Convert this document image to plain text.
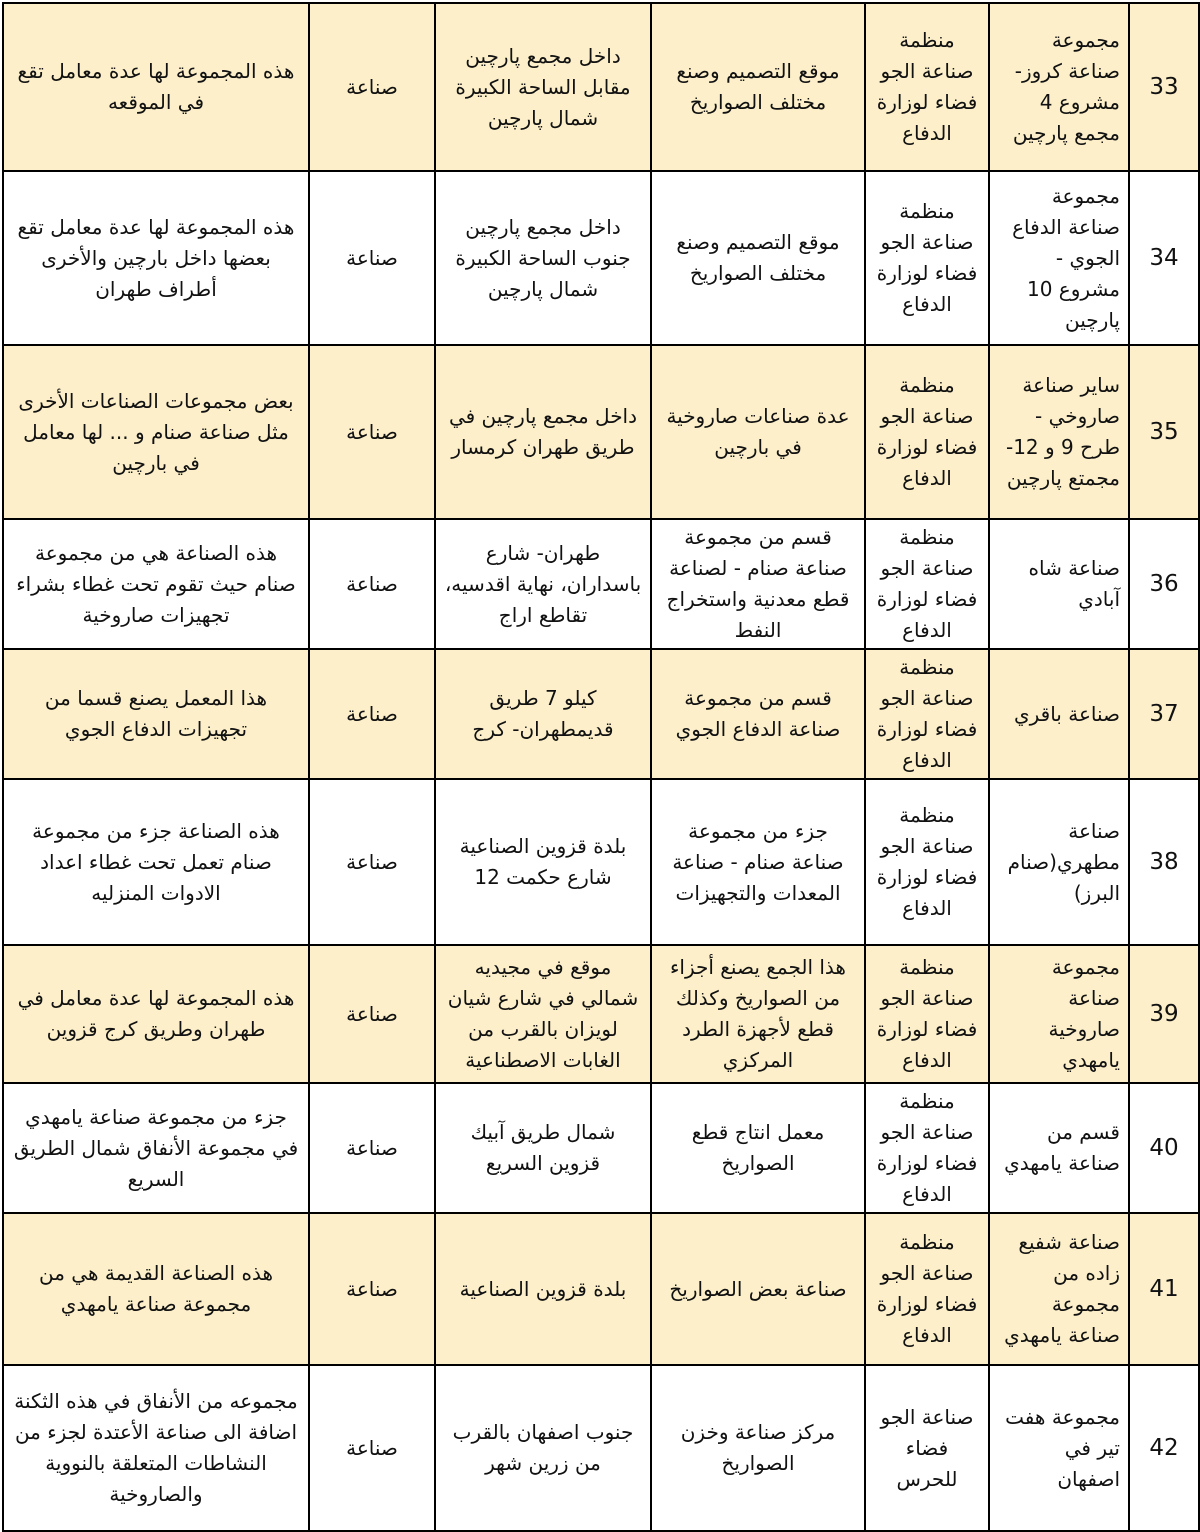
33	مجموعة صناعة كروز- مشروع 4 مجمع پارچين	منظمة صناعة الجو فضاء لوزارة الدفاع	موقع التصميم وصنع مختلف الصواريخ	داخل مجمع پارچين مقابل الساحة الكبيرة شمال پارچين	صناعة	هذه المجموعة لها عدة معامل تقع في الموقعه
34	مجموعة صناعة الدفاع الجوي - مشروع 10 پارچين	منظمة صناعة الجو فضاء لوزارة الدفاع	موقع التصميم وصنع مختلف الصواريخ	داخل مجمع پارچين جنوب الساحة الكبيرة شمال پارچين	صناعة	هذه المجموعة لها عدة معامل تقع بعضها داخل بارچين والأخرى أطراف طهران
35	ساير صناعة صاروخي - طرح 9 و 12-مجمتع پارچين	منظمة صناعة الجو فضاء لوزارة الدفاع	عدة صناعات صاروخية في بارچين	داخل مجمع پارچين في طريق طهران كرمسار	صناعة	بعض مجموعات الصناعات الأخرى مثل صناعة صنام و ... لها معامل في بارچين
36	صناعة شاه آبادي	منظمة صناعة الجو فضاء لوزارة الدفاع	قسم من مجموعة صناعة صنام - لصناعة قطع معدنية واستخراج النفط	طهران- شارع باسداران، نهاية اقدسيه، تقاطع اراج	صناعة	هذه الصناعة هي من مجموعة صنام حيث تقوم تحت غطاء بشراء تجهيزات صاروخية
37	صناعة باقري	منظمة صناعة الجو فضاء لوزارة الدفاع	قسم من مجموعة صناعة الدفاع الجوي	كيلو 7 طريق قديمطهران- كرج	صناعة	هذا المعمل يصنع قسما من تجهيزات الدفاع الجوي
38	صناعة مطهري(صنام البرز)	منظمة صناعة الجو فضاء لوزارة الدفاع	جزء من مجموعة صناعة صنام - صناعة المعدات والتجهيزات	بلدة قزوين الصناعية شارع حكمت 12	صناعة	هذه الصناعة جزء من مجموعة صنام تعمل تحت غطاء اعداد الادوات المنزليه
39	مجموعة صناعة صاروخية يامهدي	منظمة صناعة الجو فضاء لوزارة الدفاع	هذا الجمع يصنع أجزاء من الصواريخ وكذلك قطع لأجهزة الطرد المركزي	موقع في مجيديه شمالي في شارع شيان لويزان بالقرب من الغابات الاصطناعية	صناعة	هذه المجموعة لها عدة معامل في طهران وطريق كرج قزوين
40	قسم من صناعة يامهدي	منظمة صناعة الجو فضاء لوزارة الدفاع	معمل انتاج قطع الصواريخ	شمال طريق آبيك قزوين السريع	صناعة	جزء من مجموعة صناعة يامهدي في مجموعة الأنفاق شمال الطريق السريع
41	صناعة شفيع زاده من مجموعة صناعة يامهدي	منظمة صناعة الجو فضاء لوزارة الدفاع	صناعة بعض الصواريخ	بلدة قزوين الصناعية	صناعة	هذه الصناعة القديمة هي من مجموعة صناعة يامهدي
42	مجموعة هفت تير في اصفهان	صناعة الجو فضاء للحرس	مركز صناعة وخزن الصواريخ	جنوب اصفهان بالقرب من زرين شهر	صناعة	مجموعه من الأنفاق في هذه الثكنة اضافة الى صناعة الأعتدة لجزء من النشاطات المتعلقة بالنووية والصاروخية
